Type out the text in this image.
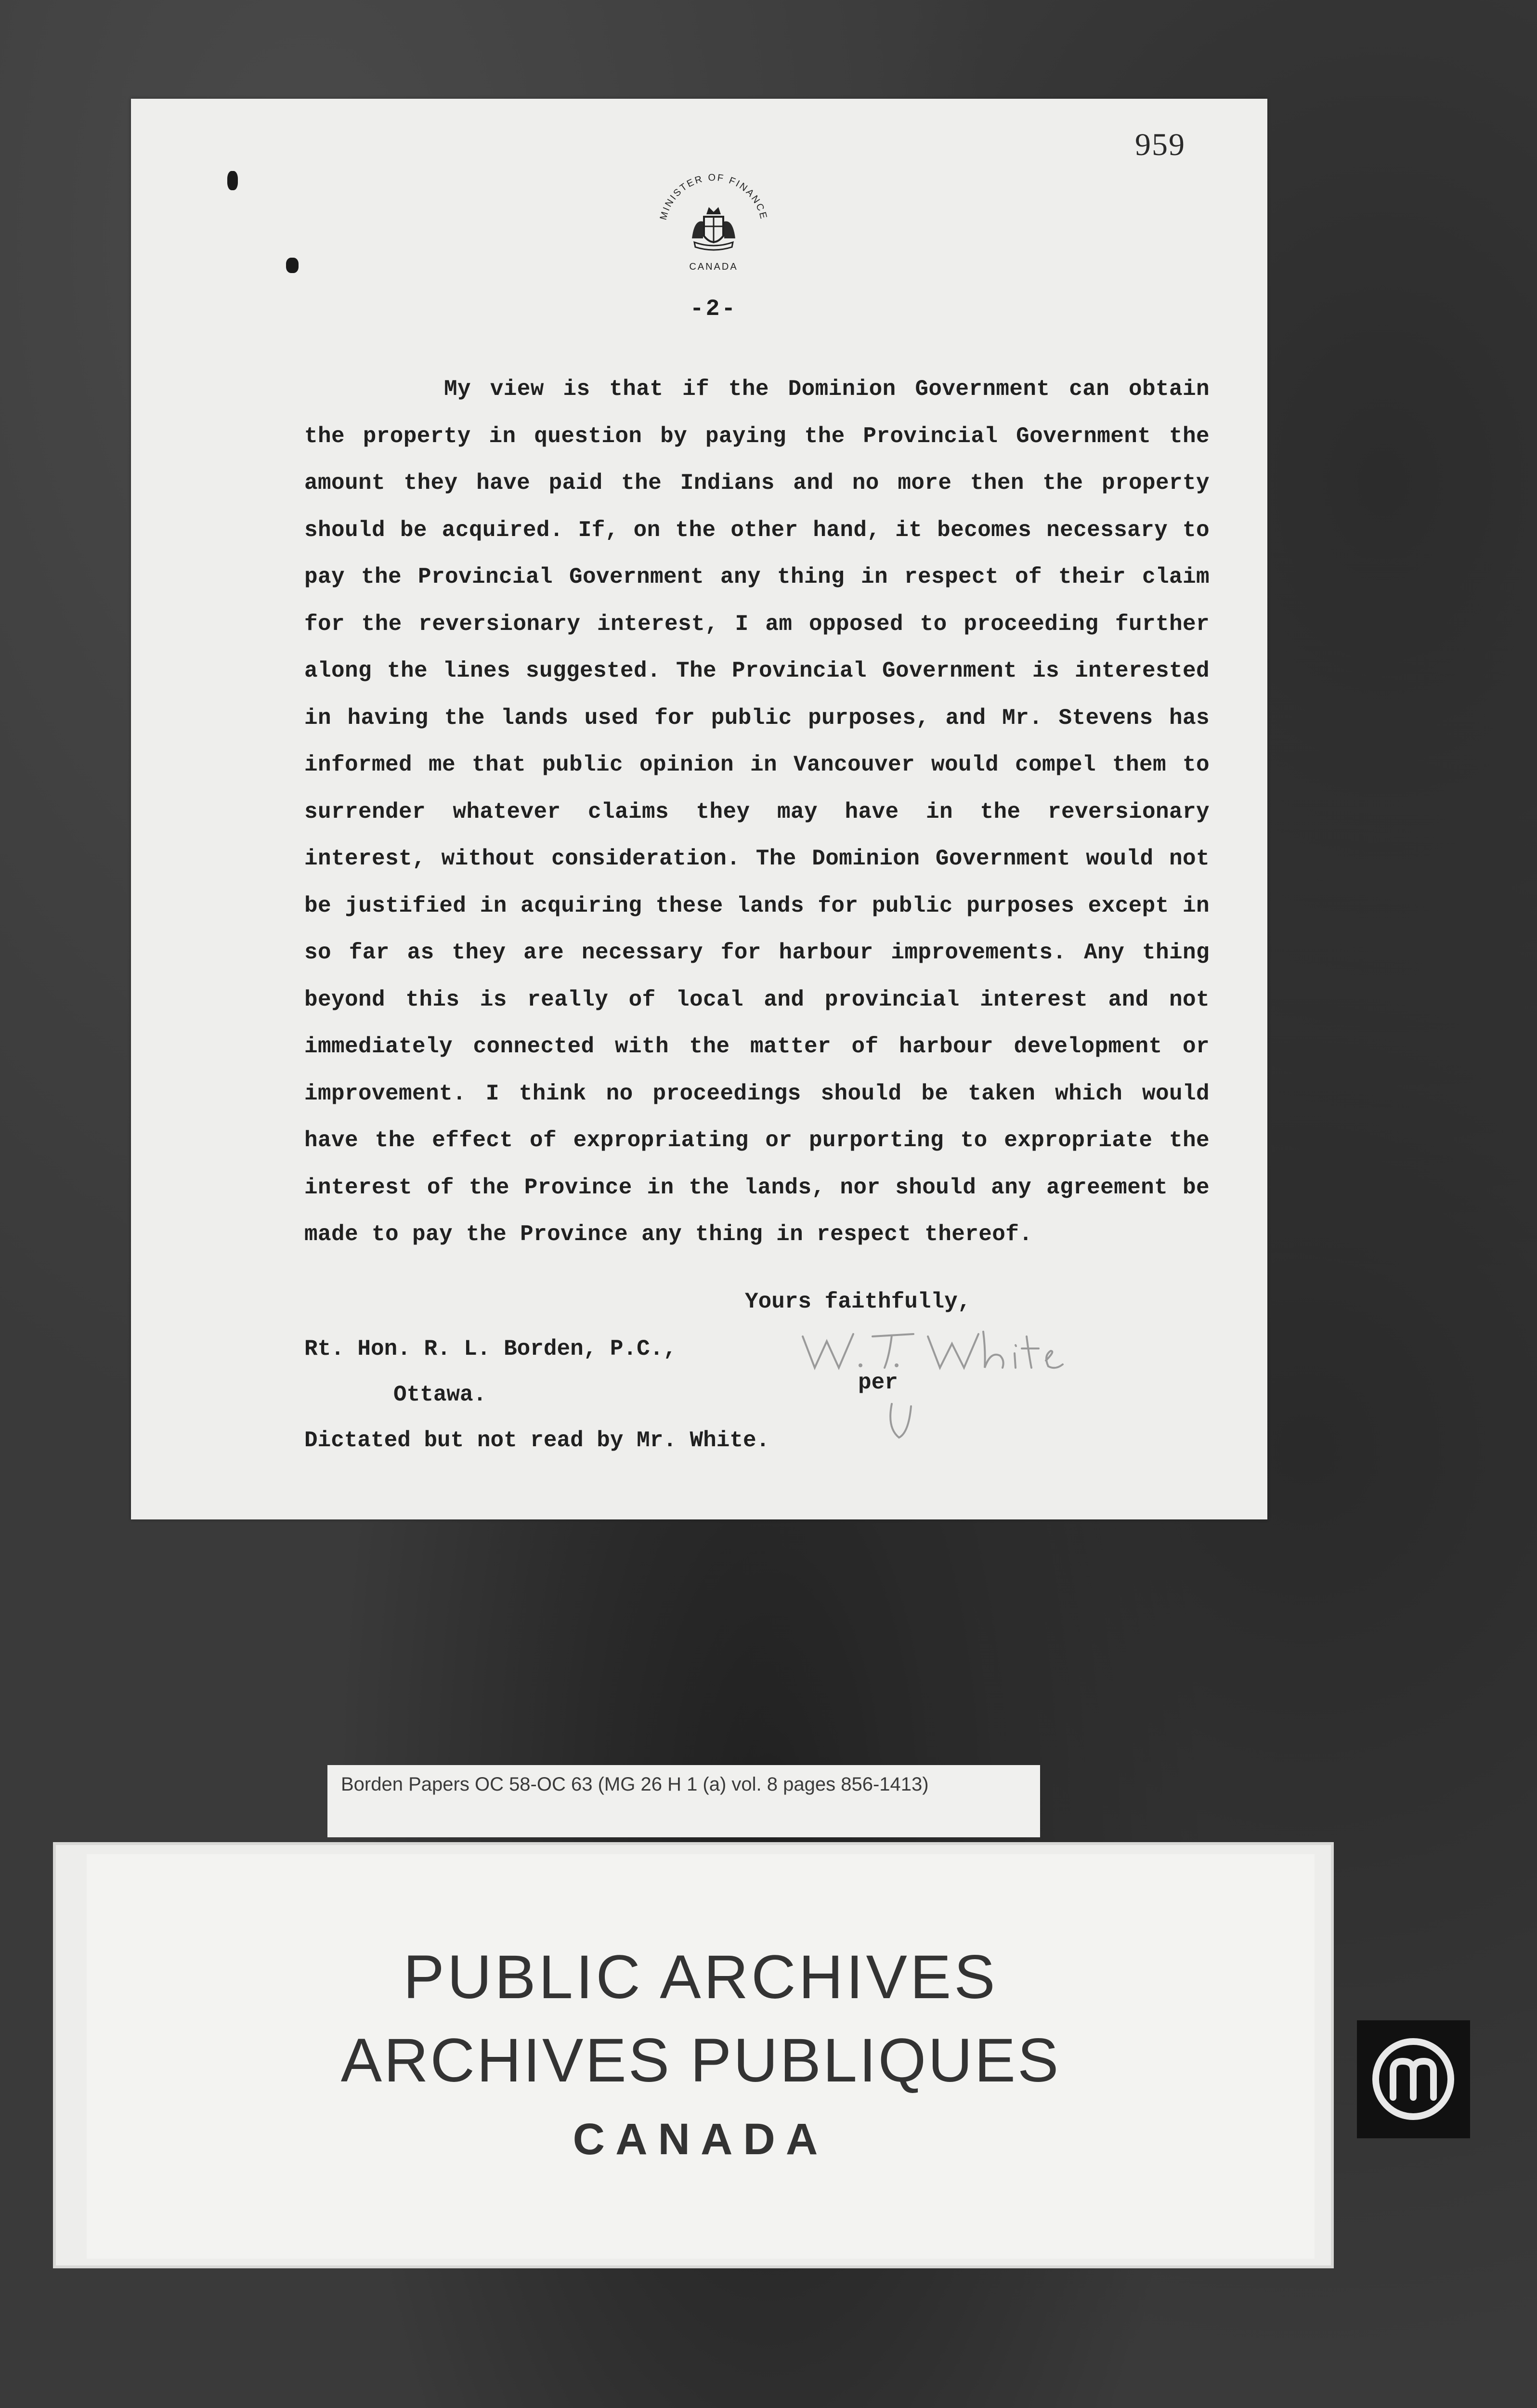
959
MINISTER OF FINANCE
CANADA
-2-
My view is that if the Dominion Government can obtain the property in question by paying the Provincial Government the amount they have paid the Indians and no more then the property should be acquired. If, on the other hand, it becomes necessary to pay the Provincial Government any thing in respect of their claim for the reversionary interest, I am opposed to proceeding further along the lines suggested. The Provincial Government is interested in having the lands used for public purposes, and Mr. Stevens has informed me that public opinion in Vancouver would compel them to surrender whatever claims they may have in the reversionary interest, without consideration. The Dominion Government would not be justified in acquiring these lands for public purposes except in so far as they are necessary for harbour improvements. Any thing beyond this is really of local and provincial interest and not immediately connected with the matter of harbour development or improvement. I think no proceedings should be taken which would have the effect of expropriating or purporting to expropriate the interest of the Province in the lands, nor should any agreement be made to pay the Province any thing in respect thereof.
Yours faithfully,
per
Rt. Hon. R. L. Borden, P.C.,
Ottawa.
Dictated but not read by Mr. White.
Borden Papers OC 58-OC 63 (MG 26 H 1 (a) vol. 8 pages 856-1413)
PUBLIC ARCHIVES
ARCHIVES PUBLIQUES
CANADA
